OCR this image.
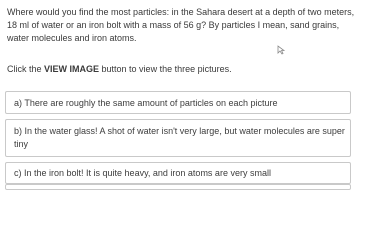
Where would you find the most particles: in the Sahara desert at a depth of two meters, 18 ml of water or an iron bolt with a mass of 56 g? By particles I mean, sand grains, water molecules and iron atoms.
Click the VIEW IMAGE button to view the three pictures.
a) There are roughly the same amount of particles on each picture
b) In the water glass! A shot of water isn't very large, but water molecules are super tiny
c) In the iron bolt! It is quite heavy, and iron atoms are very small
